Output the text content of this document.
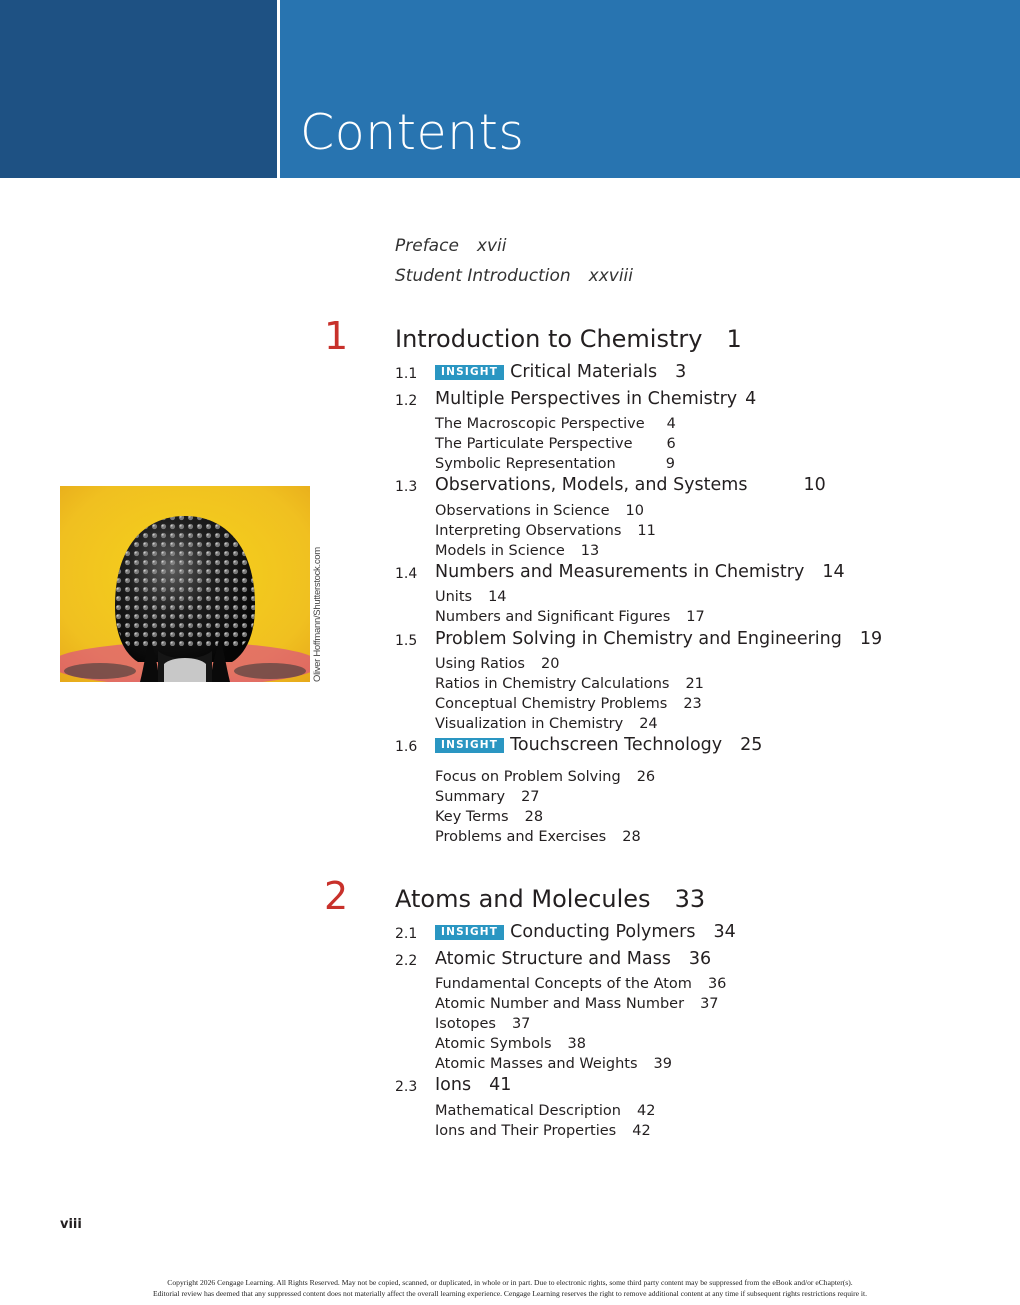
Contents
Preface xvii
Student Introduction xxviii
1 Introduction to Chemistry 1
1.1	INSIGHT Critical Materials 3
1.2 Multiple Perspectives in Chemistry 4
The Macroscopic Perspective 4
The Particulate Perspective 6
Symbolic Representation	9
1.3 Observations, Models, and Systems	10
Observations in Science 10
Interpreting Observations 11
Models in Science 13
1.4 Numbers and Measurements in Chemistry 14
Units 14
Numbers and Significant Figures 17
1.5 Problem Solving in Chemistry and Engineering 19
Using Ratios 20
Ratios in Chemistry Calculations 21
Conceptual Chemistry Problems 23
Visualization in Chemistry 24
1.6	INSIGHT Touchscreen Technology 25
Focus on Problem Solving 26
Summary 27
Key Terms 28
Problems and Exercises 28
2 Atoms and Molecules 33
2.1	INSIGHT Conducting Polymers 34
2.2 Atomic Structure and Mass 36
Fundamental Concepts of the Atom 36
Atomic Number and Mass Number 37
Isotopes 37
Atomic Symbols 38
Atomic Masses and Weights 39
2.3 Ions 41
Mathematical Description 42
Ions and Their Properties 42
Oliver Hoffmann/Shutterstock.com
viii
Copyright 2026 Cengage Learning. All Rights Reserved. May not be copied, scanned, or duplicated, in whole or in part. Due to electronic rights, some third party content may be suppressed from the eBook and/or eChapter(s).
Editorial review has deemed that any suppressed content does not materially affect the overall learning experience. Cengage Learning reserves the right to remove additional content at any time if subsequent rights restrictions require it.
